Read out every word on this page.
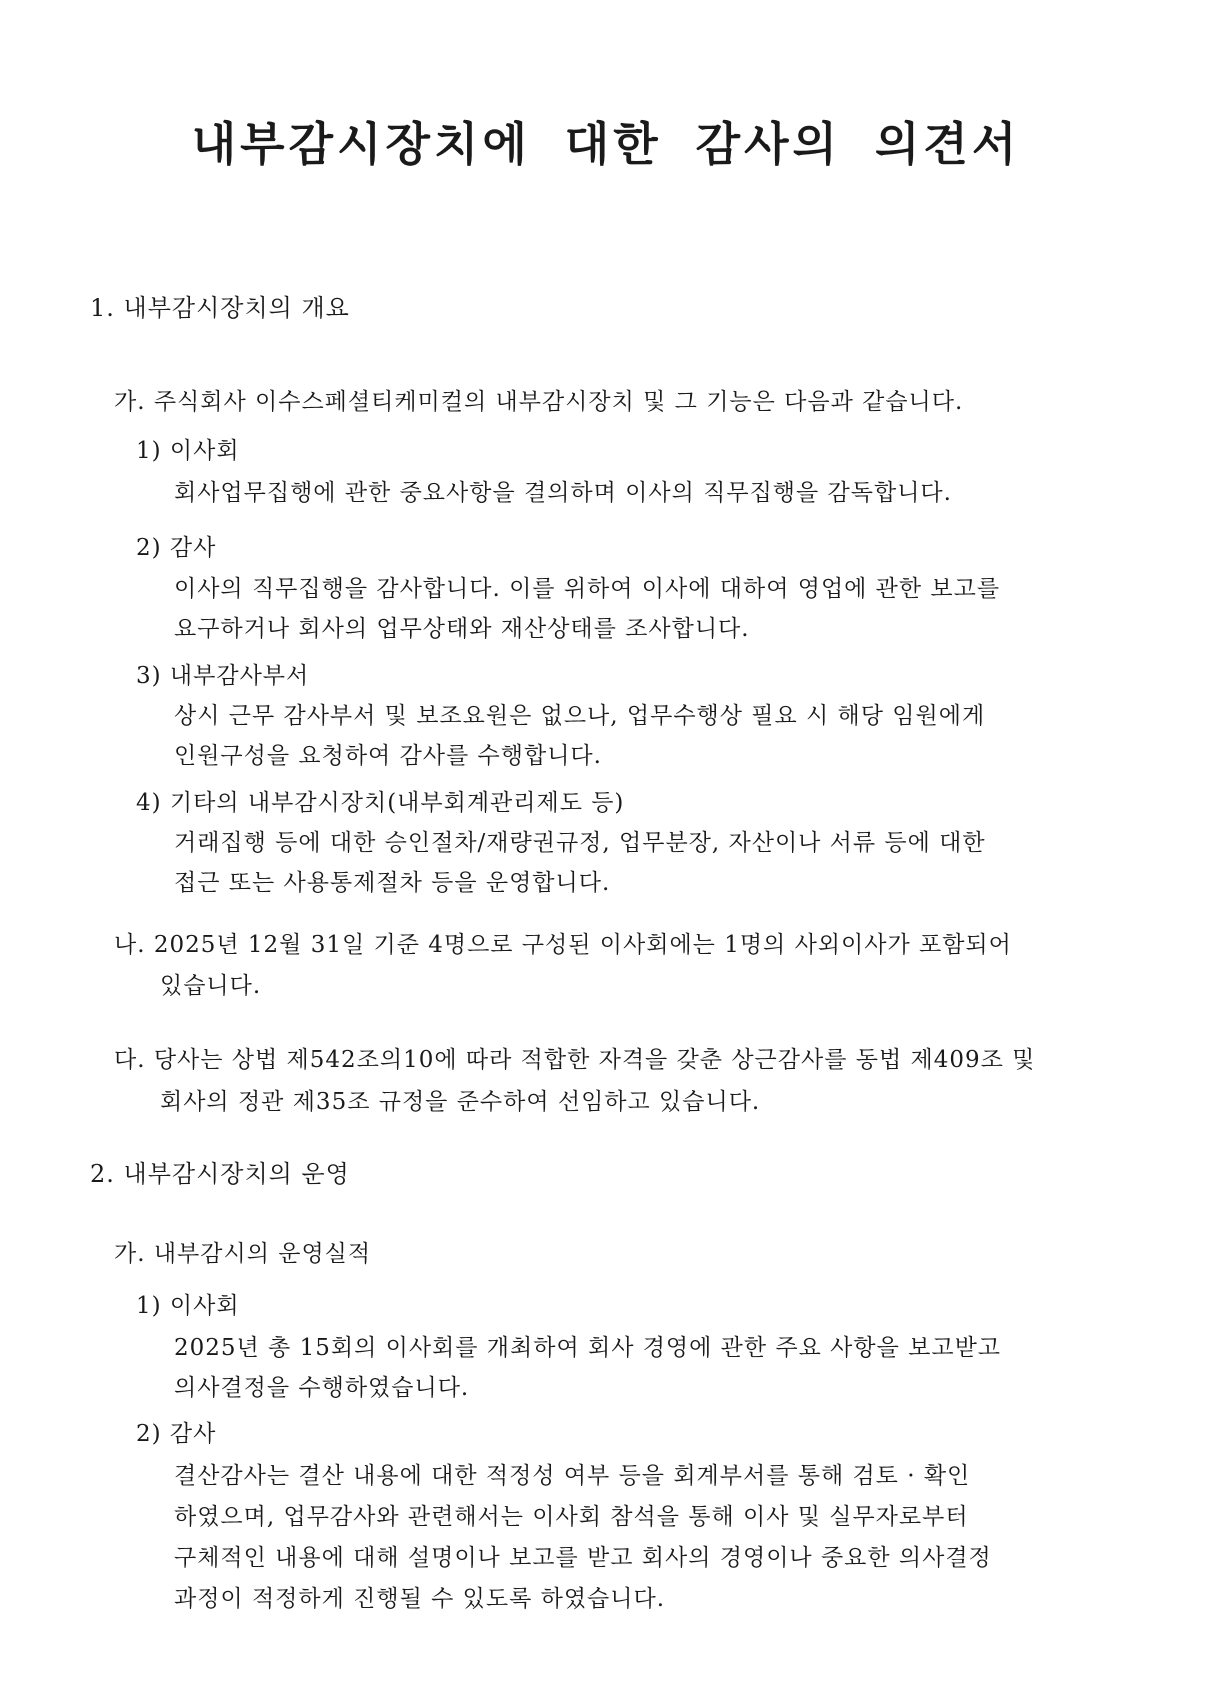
내부감시장치에 대한 감사의 의견서
1. 내부감시장치의 개요
가. 주식회사 이수스페셜티케미컬의 내부감시장치 및 그 기능은 다음과 같습니다.
1) 이사회
회사업무집행에 관한 중요사항을 결의하며 이사의 직무집행을 감독합니다.
2) 감사
이사의 직무집행을 감사합니다. 이를 위하여 이사에 대하여 영업에 관한 보고를
요구하거나 회사의 업무상태와 재산상태를 조사합니다.
3) 내부감사부서
상시 근무 감사부서 및 보조요원은 없으나, 업무수행상 필요 시 해당 임원에게
인원구성을 요청하여 감사를 수행합니다.
4) 기타의 내부감시장치(내부회계관리제도 등)
거래집행 등에 대한 승인절차/재량권규정, 업무분장, 자산이나 서류 등에 대한
접근 또는 사용통제절차 등을 운영합니다.
나. 2025년 12월 31일 기준 4명으로 구성된 이사회에는 1명의 사외이사가 포함되어
있습니다.
다. 당사는 상법 제542조의10에 따라 적합한 자격을 갖춘 상근감사를 동법 제409조 및
회사의 정관 제35조 규정을 준수하여 선임하고 있습니다.
2. 내부감시장치의 운영
가. 내부감시의 운영실적
1) 이사회
2025년 총 15회의 이사회를 개최하여 회사 경영에 관한 주요 사항을 보고받고
의사결정을 수행하였습니다.
2) 감사
결산감사는 결산 내용에 대한 적정성 여부 등을 회계부서를 통해 검토 · 확인
하였으며, 업무감사와 관련해서는 이사회 참석을 통해 이사 및 실무자로부터
구체적인 내용에 대해 설명이나 보고를 받고 회사의 경영이나 중요한 의사결정
과정이 적정하게 진행될 수 있도록 하였습니다.
